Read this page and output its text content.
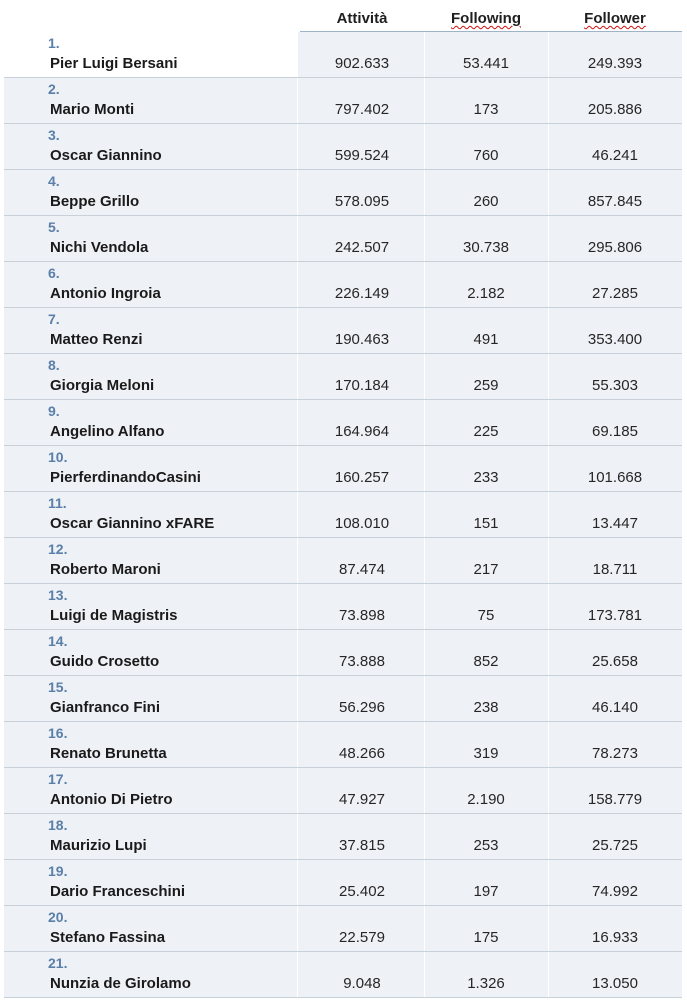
Attività	Following	Follower
1.
Pier Luigi Bersani	902.633	53.441	249.393
2.
Mario Monti	797.402	173	205.886
3.
Oscar Giannino	599.524	760	46.241
4.
Beppe Grillo	578.095	260	857.845
5.
Nichi Vendola	242.507	30.738	295.806
6.
Antonio Ingroia	226.149	2.182	27.285
7.
Matteo Renzi	190.463	491	353.400
8.
Giorgia Meloni	170.184	259	55.303
9.
Angelino Alfano	164.964	225	69.185
10.
PierferdinandoCasini	160.257	233	101.668
11.
Oscar Giannino xFARE	108.010	151	13.447
12.
Roberto Maroni	87.474	217	18.711
13.
Luigi de Magistris	73.898	75	173.781
14.
Guido Crosetto	73.888	852	25.658
15.
Gianfranco Fini	56.296	238	46.140
16.
Renato Brunetta	48.266	319	78.273
17.
Antonio Di Pietro	47.927	2.190	158.779
18.
Maurizio Lupi	37.815	253	25.725
19.
Dario Franceschini	25.402	197	74.992
20.
Stefano Fassina	22.579	175	16.933
21.
Nunzia de Girolamo	9.048	1.326	13.050
